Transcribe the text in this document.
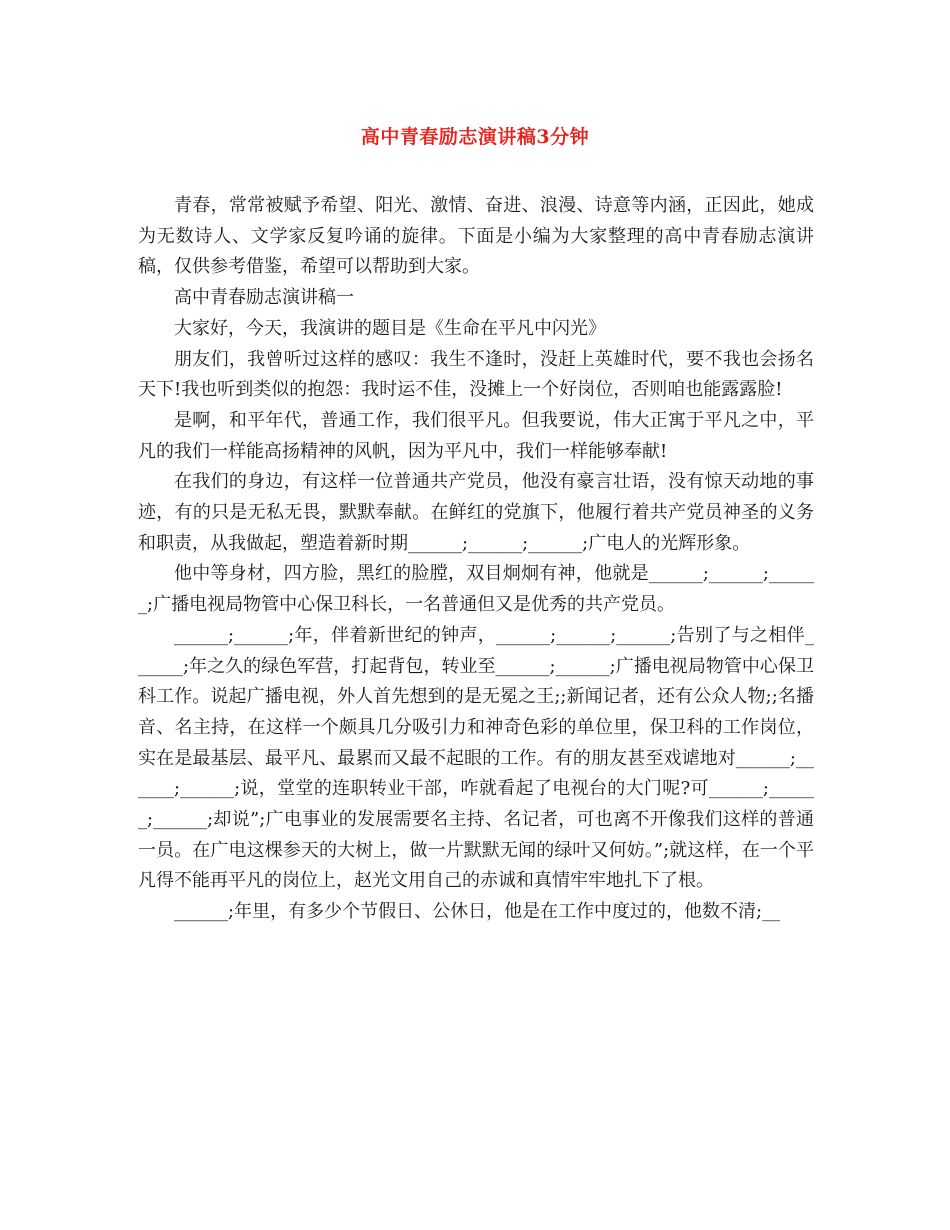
高中青春励志演讲稿3分钟

青春，常常被赋予希望、阳光、激情、奋进、浪漫、诗意等内涵，正因此，她成为无数诗人、文学家反复吟诵的旋律。下面是小编为大家整理的高中青春励志演讲稿，仅供参考借鉴，希望可以帮助到大家。

高中青春励志演讲稿一

大家好，今天，我演讲的题目是《生命在平凡中闪光》

朋友们，我曾听过这样的感叹：我生不逢时，没赶上英雄时代，要不我也会扬名天下!我也听到类似的抱怨：我时运不佳，没摊上一个好岗位，否则咱也能露露脸!

是啊，和平年代，普通工作，我们很平凡。但我要说，伟大正寓于平凡之中，平凡的我们一样能高扬精神的风帆，因为平凡中，我们一样能够奉献!

在我们的身边，有这样一位普通共产党员，他没有豪言壮语，没有惊天动地的事迹，有的只是无私无畏，默默奉献。在鲜红的党旗下，他履行着共产党员神圣的义务和职责，从我做起，塑造着新时期______;______;______;广电人的光辉形象。

他中等身材，四方脸，黑红的脸膛，双目炯炯有神，他就是______;______;______;广播电视局物管中心保卫科长，一名普通但又是优秀的共产党员。

______;______;年，伴着新世纪的钟声，______;______;______;告别了与之相伴______;年之久的绿色军营，打起背包，转业至______;______;广播电视局物管中心保卫科工作。说起广播电视，外人首先想到的是无冕之王;;新闻记者，还有公众人物;;名播音、名主持，在这样一个颇具几分吸引力和神奇色彩的单位里，保卫科的工作岗位，实在是最基层、最平凡、最累而又最不起眼的工作。有的朋友甚至戏谑地对______;______;______;说，堂堂的连职转业干部，咋就看起了电视台的大门呢?可______;______;______;却说”;广电事业的发展需要名主持、名记者，可也离不开像我们这样的普通一员。在广电这棵参天的大树上，做一片默默无闻的绿叶又何妨。”;就这样，在一个平凡得不能再平凡的岗位上，赵光文用自己的赤诚和真情牢牢地扎下了根。

______;年里，有多少个节假日、公休日，他是在工作中度过的，他数不清;__
